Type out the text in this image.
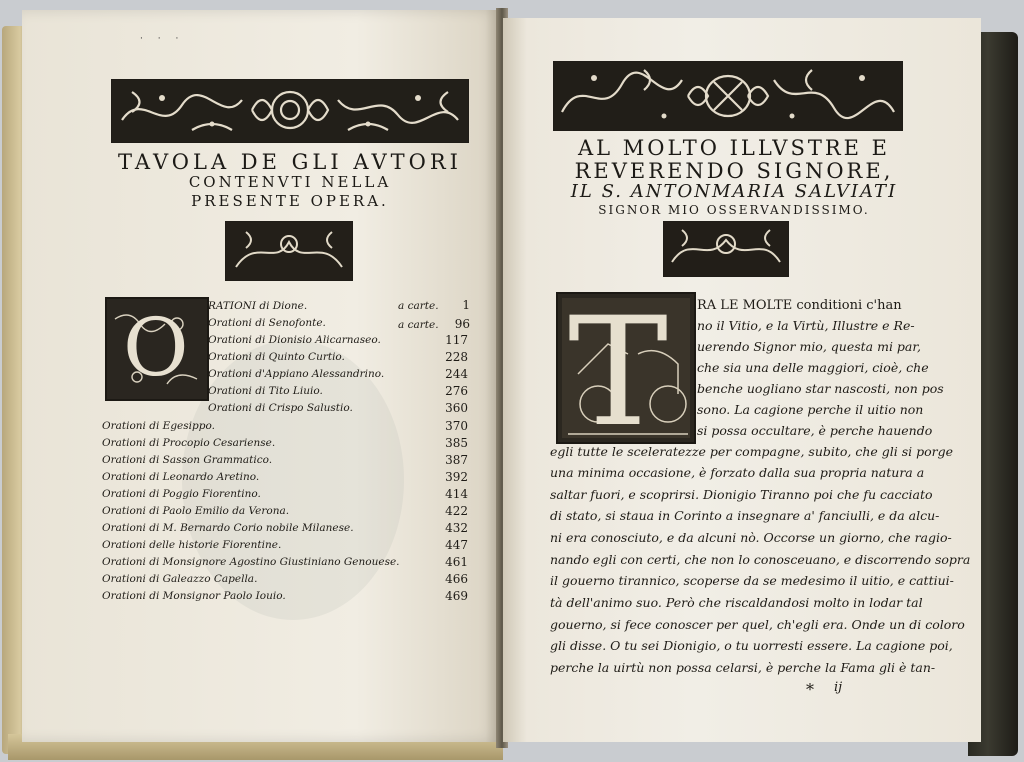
· · ·
TAVOLA DE GLI AVTORI
CONTENVTI NELLA
PRESENTE OPERA.
O RATIONI di Dione.	a carte.	1
Orationi di Senofonte.	a carte.	96
Orationi di Dionisio Alicarnaseo.	117
Orationi di Quinto Curtio.	228
Orationi d'Appiano Alessandrino.	244
Orationi di Tito Liuio.	276
Orationi di Crispo Salustio.	360
Orationi di Egesippo.	370
Orationi di Procopio Cesariense.	385
Orationi di Sasson Grammatico.	387
Orationi di Leonardo Aretino.	392
Orationi di Poggio Fiorentino.	414
Orationi di Paolo Emilio da Verona.	422
Orationi di M. Bernardo Corio nobile Milanese.	432
Orationi delle historie Fiorentine.	447
Orationi di Monsignore Agostino Giustiniano Genouese.	461
Orationi di Galeazzo Capella.	466
Orationi di Monsignor Paolo Iouio.	469
AL MOLTO ILLVSTRE E
REVERENDO SIGNORE,
IL S. ANTONMARIA SALVIATI
SIGNOR MIO OSSERVANDISSIMO.
T RA LE MOLTE conditioni c'han
no il Vitio, e la Virtù, Illustre e Re-
uerendo Signor mio, questa mi par,
che sia una delle maggiori, cioè, che
benche uogliano star nascosti, non pos
sono. La cagione perche il uitio non
si possa occultare, è perche hauendo
egli tutte le sceleratezze per compagne, subito, che gli si porge
una minima occasione, è forzato dalla sua propria natura a
saltar fuori, e scoprirsi. Dionigio Tiranno poi che fu cacciato
di stato, si staua in Corinto a insegnare a' fanciulli, e da alcu-
ni era conosciuto, e da alcuni nò. Occorse un giorno, che ragio-
nando egli con certi, che non lo conosceuano, e discorrendo sopra
il gouerno tirannico, scoperse da se medesimo il uitio, e cattiui-
tà dell'animo suo. Però che riscaldandosi molto in lodar tal
gouerno, si fece conoscer per quel, ch'egli era. Onde un di coloro
gli disse. O tu sei Dionigio, o tu uorresti essere. La cagione poi,
perche la uirtù non possa celarsi, è perche la Fama gli è tan-
* ij
